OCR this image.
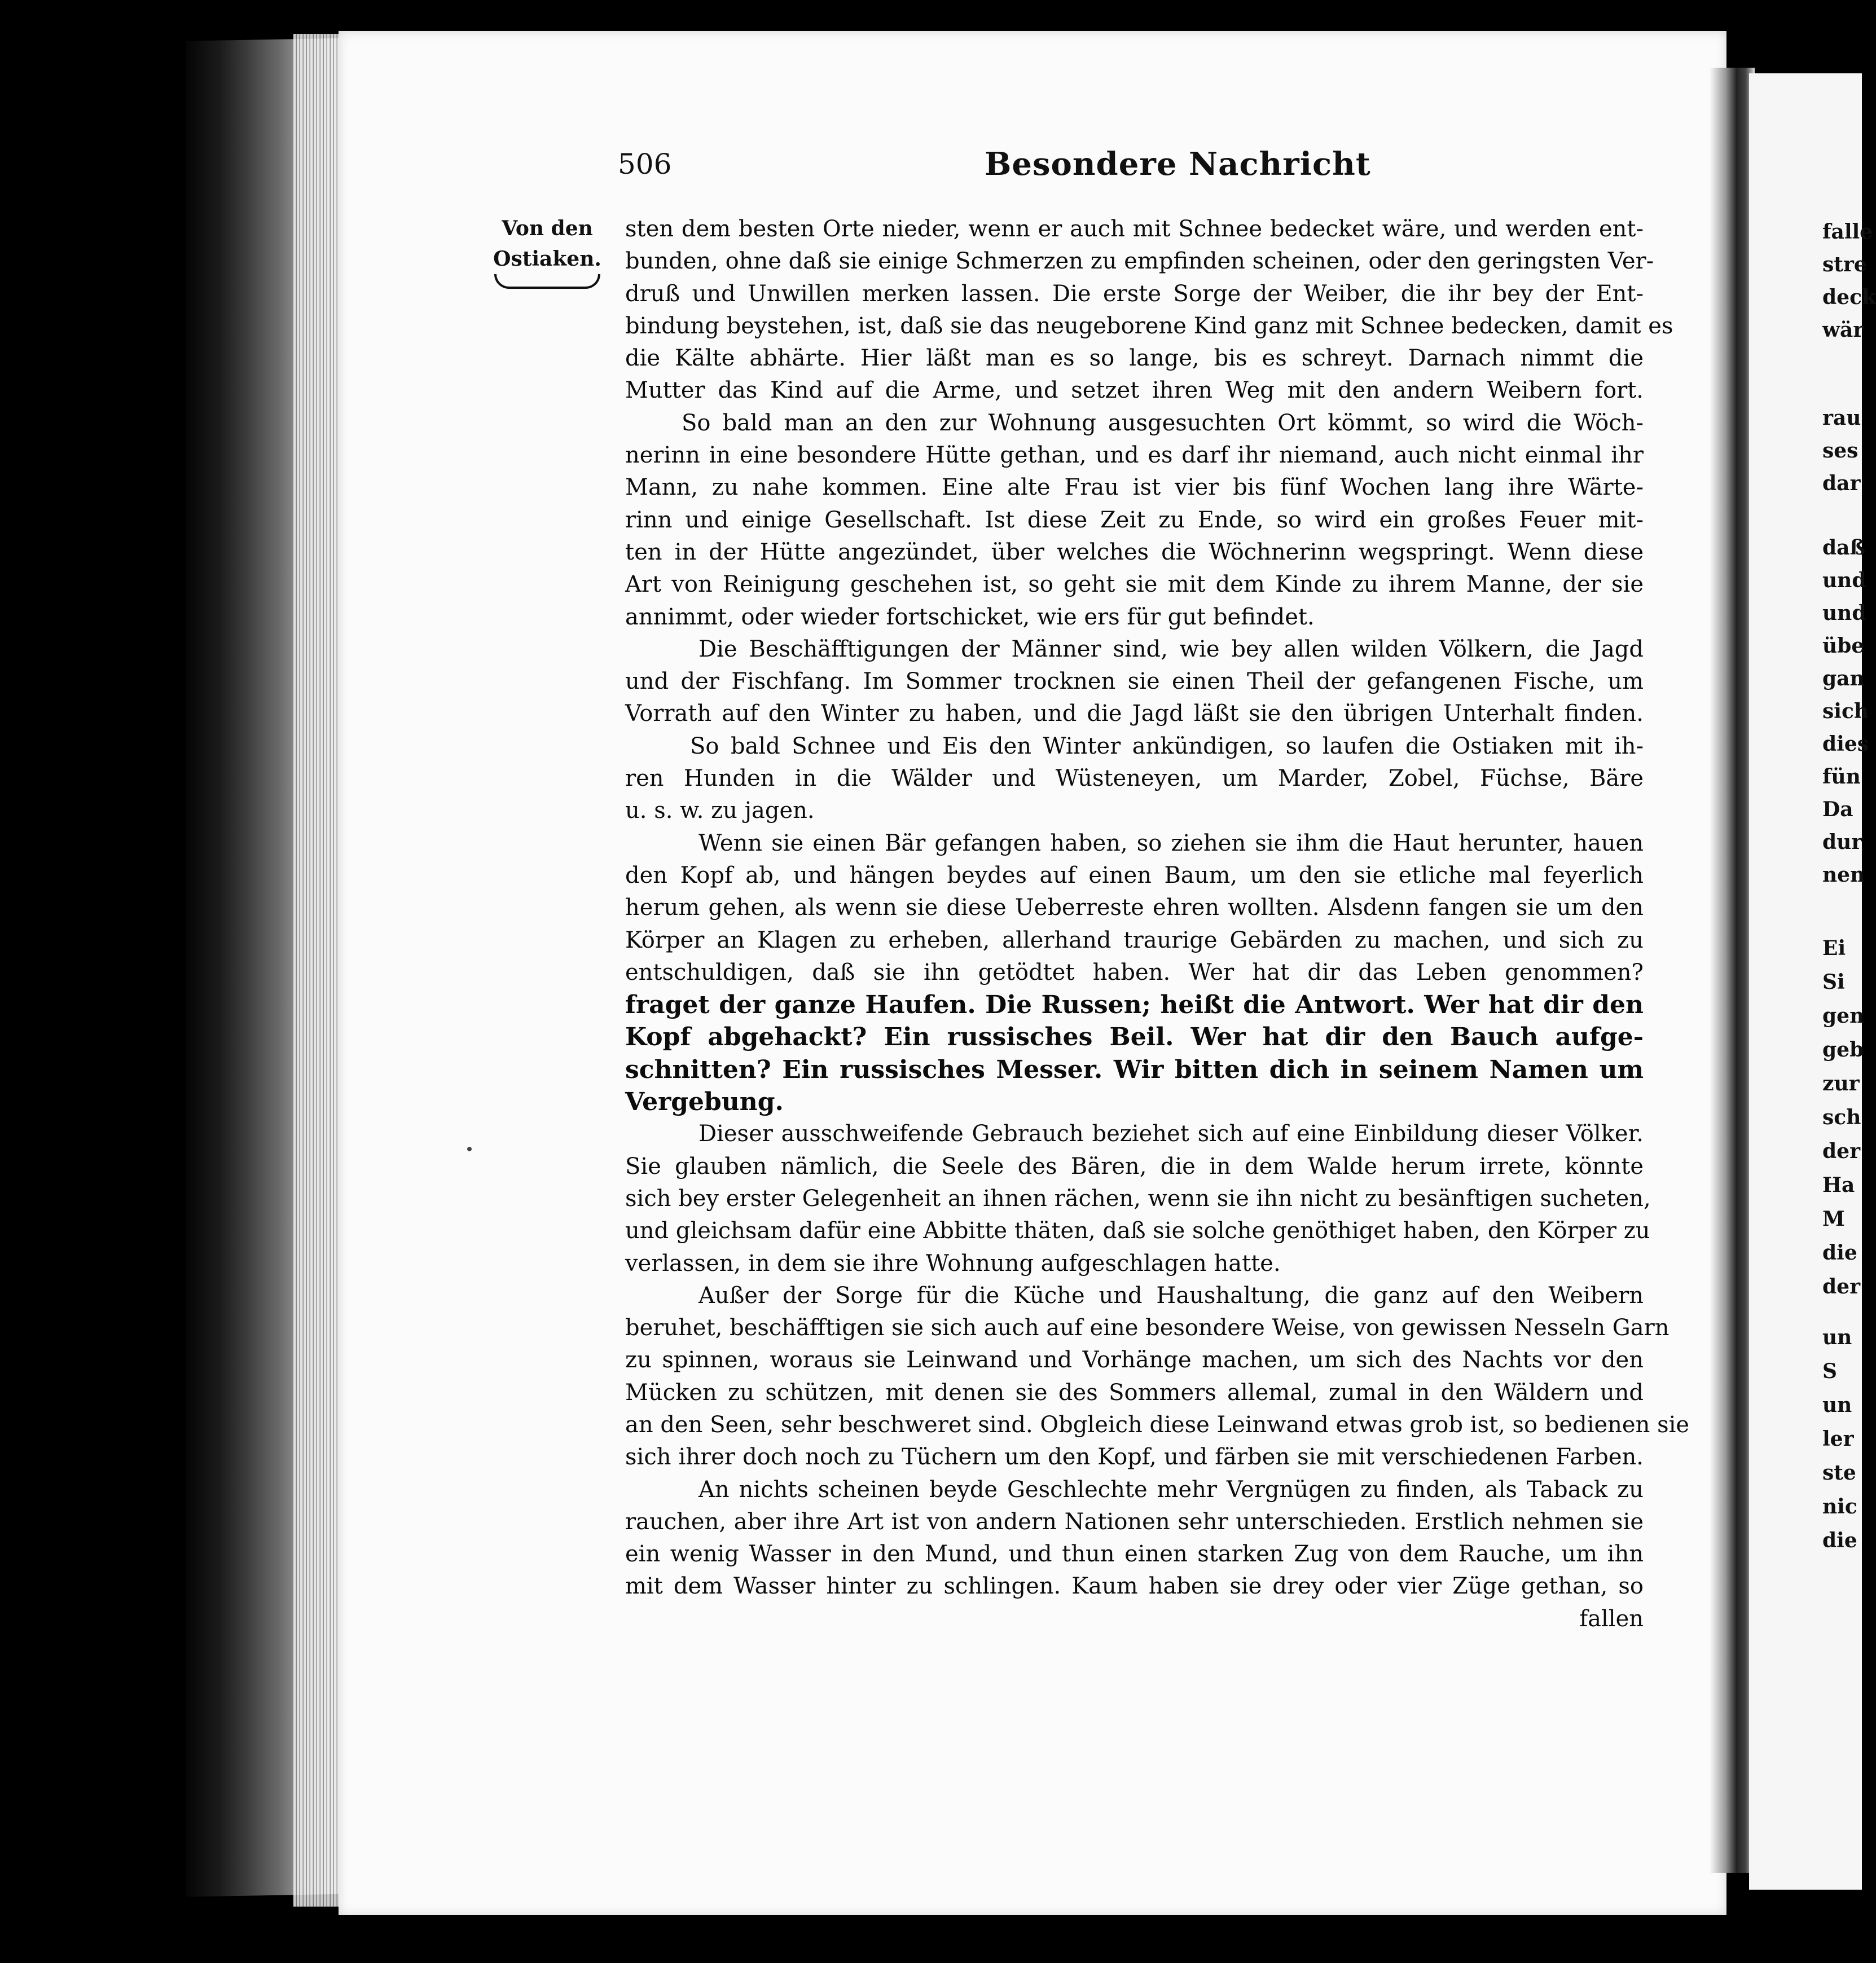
falle
stre
deck
wär
rau
ses
dar
daß
und
und
übe
gan
sich
dies
fün
Da
dur
nen
Ei
Si
gen
geb
zur
sch
der
Ha
M
die
der
un
S
un
ler
ste
nic
die
506	Besondere Nachricht
Von den
Ostiaken.
sten dem besten Orte nieder, wenn er auch mit Schnee bedecket wäre, und werden ent-
bunden, ohne daß sie einige Schmerzen zu empfinden scheinen, oder den geringsten Ver-
druß und Unwillen merken lassen. Die erste Sorge der Weiber, die ihr bey der Ent-
bindung beystehen, ist, daß sie das neugeborene Kind ganz mit Schnee bedecken, damit es
die Kälte abhärte. Hier läßt man es so lange, bis es schreyt. Darnach nimmt die
Mutter das Kind auf die Arme, und setzet ihren Weg mit den andern Weibern fort.
So bald man an den zur Wohnung ausgesuchten Ort kömmt, so wird die Wöch-
nerinn in eine besondere Hütte gethan, und es darf ihr niemand, auch nicht einmal ihr
Mann, zu nahe kommen. Eine alte Frau ist vier bis fünf Wochen lang ihre Wärte-
rinn und einige Gesellschaft. Ist diese Zeit zu Ende, so wird ein großes Feuer mit-
ten in der Hütte angezündet, über welches die Wöchnerinn wegspringt. Wenn diese
Art von Reinigung geschehen ist, so geht sie mit dem Kinde zu ihrem Manne, der sie
annimmt, oder wieder fortschicket, wie ers für gut befindet.
Die Beschäfftigungen der Männer sind, wie bey allen wilden Völkern, die Jagd
und der Fischfang. Im Sommer trocknen sie einen Theil der gefangenen Fische, um
Vorrath auf den Winter zu haben, und die Jagd läßt sie den übrigen Unterhalt finden.
So bald Schnee und Eis den Winter ankündigen, so laufen die Ostiaken mit ih-
ren Hunden in die Wälder und Wüsteneyen, um Marder, Zobel, Füchse, Bäre
u. s. w. zu jagen.
Wenn sie einen Bär gefangen haben, so ziehen sie ihm die Haut herunter, hauen
den Kopf ab, und hängen beydes auf einen Baum, um den sie etliche mal feyerlich
herum gehen, als wenn sie diese Ueberreste ehren wollten. Alsdenn fangen sie um den
Körper an Klagen zu erheben, allerhand traurige Gebärden zu machen, und sich zu
entschuldigen, daß sie ihn getödtet haben. Wer hat dir das Leben genommen?
fraget der ganze Haufen. Die Russen; heißt die Antwort. Wer hat dir den
Kopf abgehackt? Ein russisches Beil. Wer hat dir den Bauch aufge-
schnitten? Ein russisches Messer. Wir bitten dich in seinem Namen um
Vergebung.
Dieser ausschweifende Gebrauch beziehet sich auf eine Einbildung dieser Völker.
Sie glauben nämlich, die Seele des Bären, die in dem Walde herum irrete, könnte
sich bey erster Gelegenheit an ihnen rächen, wenn sie ihn nicht zu besänftigen sucheten,
und gleichsam dafür eine Abbitte thäten, daß sie solche genöthiget haben, den Körper zu
verlassen, in dem sie ihre Wohnung aufgeschlagen hatte.
Außer der Sorge für die Küche und Haushaltung, die ganz auf den Weibern
beruhet, beschäfftigen sie sich auch auf eine besondere Weise, von gewissen Nesseln Garn
zu spinnen, woraus sie Leinwand und Vorhänge machen, um sich des Nachts vor den
Mücken zu schützen, mit denen sie des Sommers allemal, zumal in den Wäldern und
an den Seen, sehr beschweret sind. Obgleich diese Leinwand etwas grob ist, so bedienen sie
sich ihrer doch noch zu Tüchern um den Kopf, und färben sie mit verschiedenen Farben.
An nichts scheinen beyde Geschlechte mehr Vergnügen zu finden, als Taback zu
rauchen, aber ihre Art ist von andern Nationen sehr unterschieden. Erstlich nehmen sie
ein wenig Wasser in den Mund, und thun einen starken Zug von dem Rauche, um ihn
mit dem Wasser hinter zu schlingen. Kaum haben sie drey oder vier Züge gethan, so
fallen
